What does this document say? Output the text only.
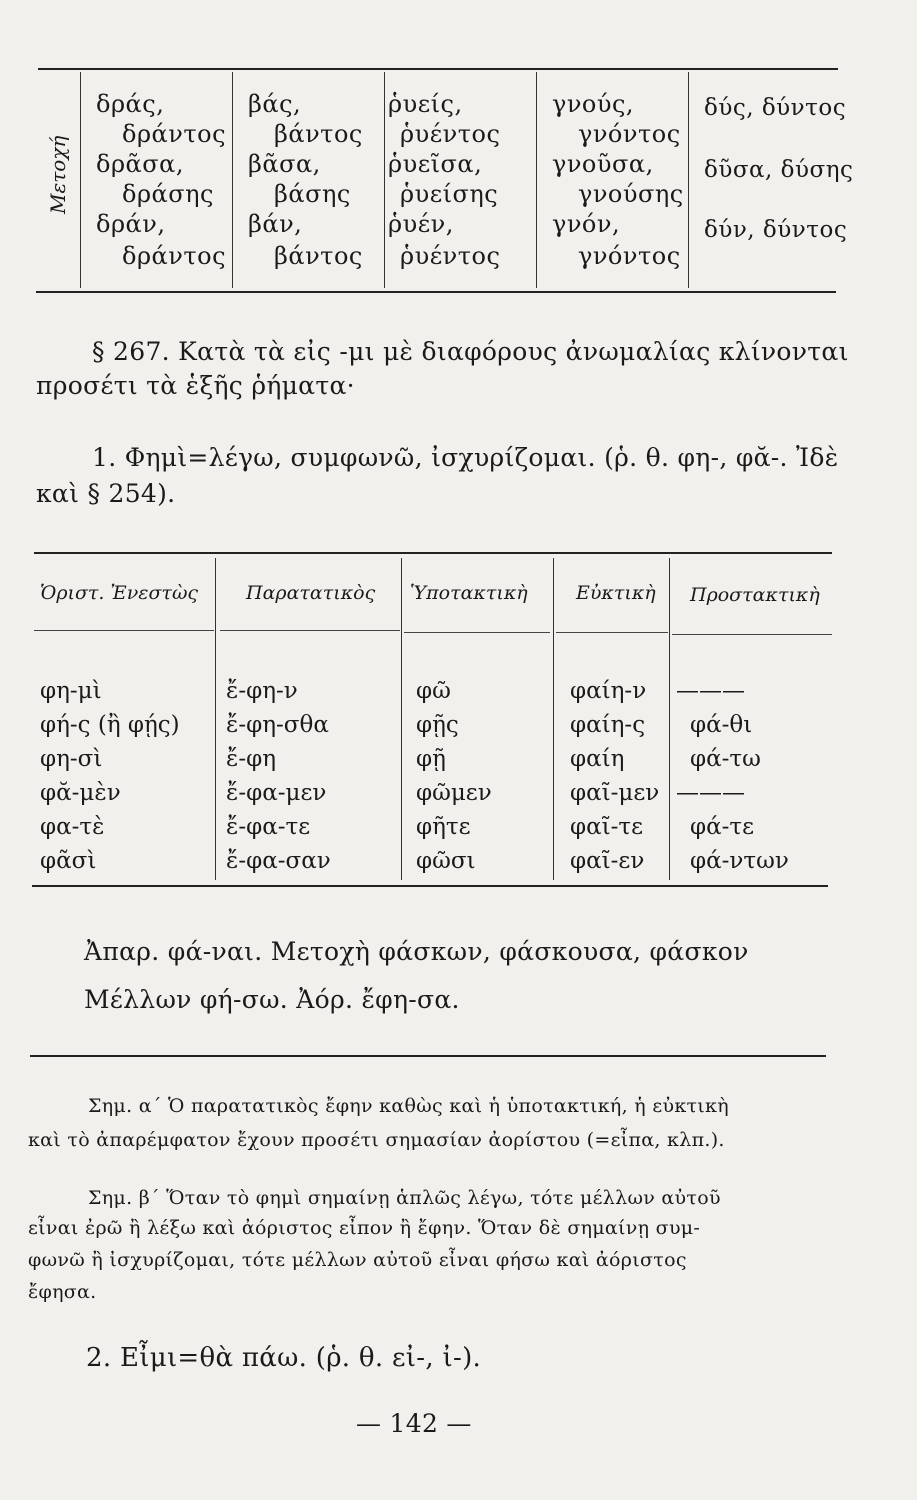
Μετοχή
δράς,
δράντος
δρᾶσα,
δράσης
δράν,
δράντος
βάς,
βάντος
βᾶσα,
βάσης
βάν,
βάντος
ῥυείς,
ῥυέντος
ῥυεῖσα,
ῥυείσης
ῥυέν,
ῥυέντος
γνούς,
γνόντος
γνοῦσα,
γνούσης
γνόν,
γνόντος
δύς, δύντος
δῦσα, δύσης
δύν, δύντος
§ 267. Κατὰ τὰ εἰς -μι μὲ διαφόρους ἀνωμαλίας κλίνονται
προσέτι τὰ ἑξῆς ῥήματα·
1. Φημὶ=λέγω, συμφωνῶ, ἰσχυρίζομαι. (ῥ. θ. φη-, φᾰ-. Ἰδὲ
καὶ § 254).
Ὁριστ. Ἐνεστὼς	Παρατατικὸς Ὑποτακτικὴ	Εὐκτικὴ Προστακτικὴ
φη-μὶ
φή-ς (ἢ φῄς)
φη-σὶ
φᾰ-μὲν
φα-τὲ
φᾶσὶ
ἔ-φη-ν
ἔ-φη-σθα
ἔ-φη
ἔ-φα-μεν
ἔ-φα-τε
ἔ-φα-σαν
φῶ
φῇς
φῇ
φῶμεν
φῆτε
φῶσι
φαίη-ν
φαίη-ς
φαίη
φαῖ-μεν
φαῖ-τε
φαῖ-εν
———
φά-θι
φά-τω
———
φά-τε
φά-ντων
Ἀπαρ. φά-ναι. Μετοχὴ φάσκων, φάσκουσα, φάσκον
Μέλλων φή-σω. Ἀόρ. ἔφη-σα.
Σημ. α΄ Ὁ παρατατικὸς ἔφην καθὼς καὶ ἡ ὑποτακτική, ἡ εὐκτικὴ
καὶ τὸ ἀπαρέμφατον ἔχουν προσέτι σημασίαν ἀορίστου (=εἶπα, κλπ.).
Σημ. β΄ Ὅταν τὸ φημὶ σημαίνῃ ἁπλῶς λέγω, τότε μέλλων αὐτοῦ
εἶναι ἐρῶ ἢ λέξω καὶ ἀόριστος εἶπον ἢ ἔφην. Ὅταν δὲ σημαίνῃ συμ-
φωνῶ ἢ ἰσχυρίζομαι, τότε μέλλων αὐτοῦ εἶναι φήσω καὶ ἀόριστος
ἔφησα.
2. Εἶμι=θὰ πάω. (ῥ. θ. εἰ-, ἰ-).
— 142 —
